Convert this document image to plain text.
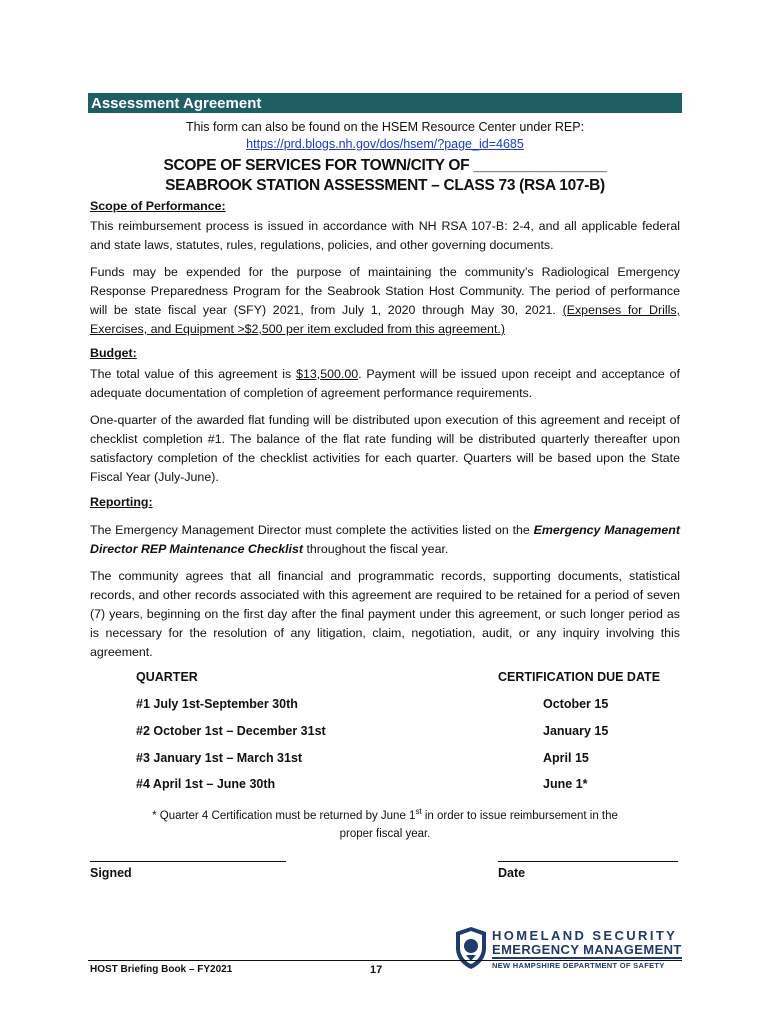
Assessment Agreement
This form can also be found on the HSEM Resource Center under REP:
https://prd.blogs.nh.gov/dos/hsem/?page_id=4685
SCOPE OF SERVICES FOR TOWN/CITY OF ________________
SEABROOK STATION ASSESSMENT – CLASS 73 (RSA 107-B)
Scope of Performance:
This reimbursement process is issued in accordance with NH RSA 107-B: 2-4, and all applicable federal and state laws, statutes, rules, regulations, policies, and other governing documents.
Funds may be expended for the purpose of maintaining the community’s Radiological Emergency Response Preparedness Program for the Seabrook Station Host Community. The period of performance will be state fiscal year (SFY) 2021, from July 1, 2020 through May 30, 2021. (Expenses for Drills, Exercises, and Equipment >$2,500 per item excluded from this agreement.)
Budget:
The total value of this agreement is $13,500.00. Payment will be issued upon receipt and acceptance of adequate documentation of completion of agreement performance requirements.
One-quarter of the awarded flat funding will be distributed upon execution of this agreement and receipt of checklist completion #1. The balance of the flat rate funding will be distributed quarterly thereafter upon satisfactory completion of the checklist activities for each quarter. Quarters will be based upon the State Fiscal Year (July-June).
Reporting:
The Emergency Management Director must complete the activities listed on the Emergency Management Director REP Maintenance Checklist throughout the fiscal year.
The community agrees that all financial and programmatic records, supporting documents, statistical records, and other records associated with this agreement are required to be retained for a period of seven (7) years, beginning on the first day after the final payment under this agreement, or such longer period as is necessary for the resolution of any litigation, claim, negotiation, audit, or any inquiry involving this agreement.
QUARTER	CERTIFICATION DUE DATE
#1 July 1st-September 30th	October 15
#2 October 1st – December 31st	January 15
#3 January 1st – March 31st	April 15
#4 April 1st – June 30th	June 1*
* Quarter 4 Certification must be returned by June 1st in order to issue reimbursement in the
proper fiscal year.
Signed	Date
HOMELAND SECURITY
EMERGENCY MANAGEMENT
NEW HAMPSHIRE DEPARTMENT OF SAFETY
HOST Briefing Book – FY2021	17
